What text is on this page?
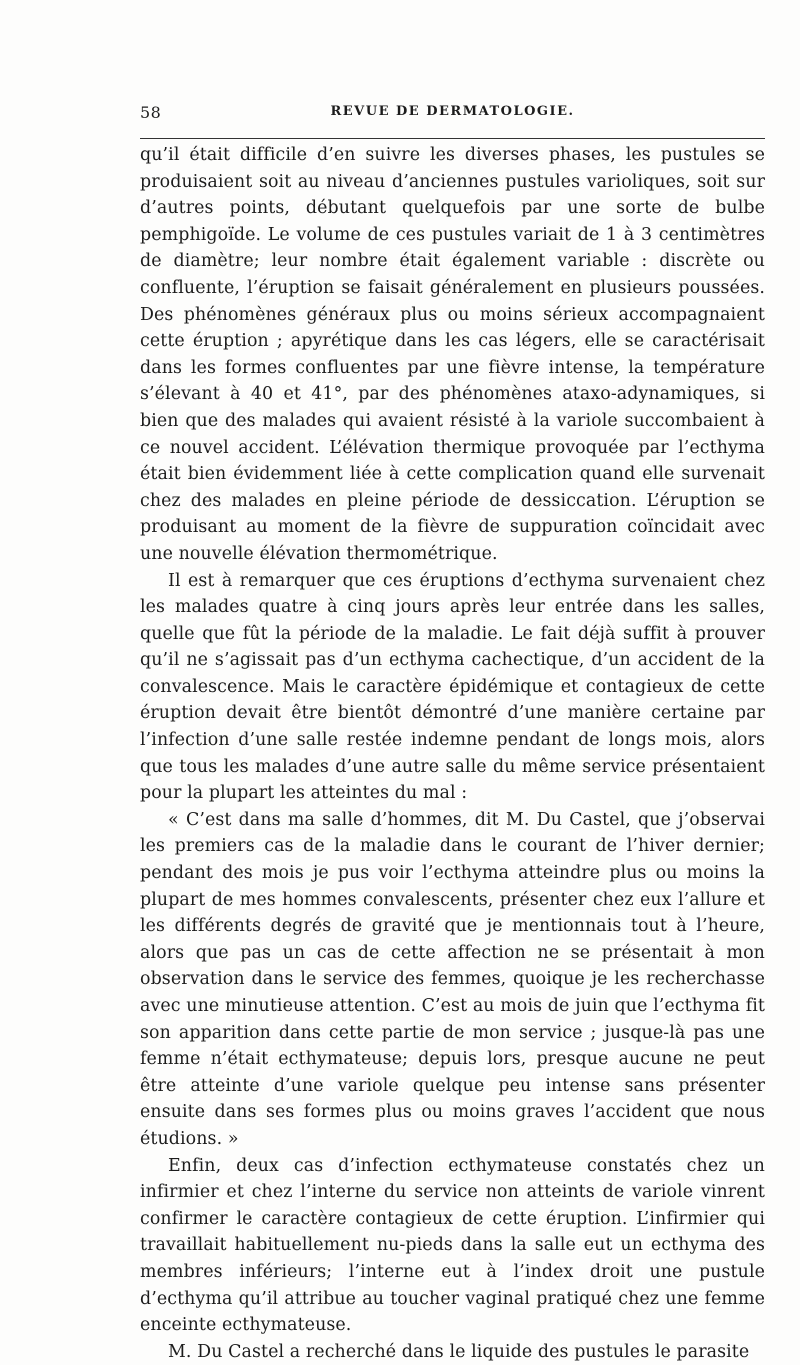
58	REVUE DE DERMATOLOGIE.

qu’il était difficile d’en suivre les diverses phases, les pustules se produisaient soit au niveau d’anciennes pustules varioliques, soit sur d’autres points, débutant quelquefois par une sorte de bulbe pemphigoïde. Le volume de ces pustules variait de 1 à 3 centimètres de diamètre; leur nombre était également variable : discrète ou confluente, l’éruption se faisait généralement en plusieurs poussées. Des phénomènes généraux plus ou moins sérieux accompagnaient cette éruption ; apyrétique dans les cas légers, elle se caractérisait dans les formes confluentes par une fièvre intense, la température s’élevant à 40 et 41°, par des phénomènes ataxo-adynamiques, si bien que des malades qui avaient résisté à la variole succombaient à ce nouvel accident. L’élévation thermique provoquée par l’ecthyma était bien évidemment liée à cette complication quand elle survenait chez des malades en pleine période de dessiccation. L’éruption se produisant au moment de la fièvre de suppuration coïncidait avec une nouvelle élévation thermométrique.

Il est à remarquer que ces éruptions d’ecthyma survenaient chez les malades quatre à cinq jours après leur entrée dans les salles, quelle que fût la période de la maladie. Le fait déjà suffit à prouver qu’il ne s’agissait pas d’un ecthyma cachectique, d’un accident de la convalescence. Mais le caractère épidémique et contagieux de cette éruption devait être bientôt démontré d’une manière certaine par l’infection d’une salle restée indemne pendant de longs mois, alors que tous les malades d’une autre salle du même service présentaient pour la plupart les atteintes du mal :

« C’est dans ma salle d’hommes, dit M. Du Castel, que j’observai les premiers cas de la maladie dans le courant de l’hiver dernier; pendant des mois je pus voir l’ecthyma atteindre plus ou moins la plupart de mes hommes convalescents, présenter chez eux l’allure et les différents degrés de gravité que je mentionnais tout à l’heure, alors que pas un cas de cette affection ne se présentait à mon observation dans le service des femmes, quoique je les recherchasse avec une minutieuse attention. C’est au mois de juin que l’ecthyma fit son apparition dans cette partie de mon service ; jusque-là pas une femme n’était ecthymateuse; depuis lors, presque aucune ne peut être atteinte d’une variole quelque peu intense sans présenter ensuite dans ses formes plus ou moins graves l’accident que nous étudions. »

Enfin, deux cas d’infection ecthymateuse constatés chez un infirmier et chez l’interne du service non atteints de variole vinrent confirmer le caractère contagieux de cette éruption. L’infirmier qui travaillait habituellement nu-pieds dans la salle eut un ecthyma des membres inférieurs; l’interne eut à l’index droit une pustule d’ecthyma qu’il attribue au toucher vaginal pratiqué chez une femme enceinte ecthymateuse.

M. Du Castel a recherché dans le liquide des pustules le parasite
